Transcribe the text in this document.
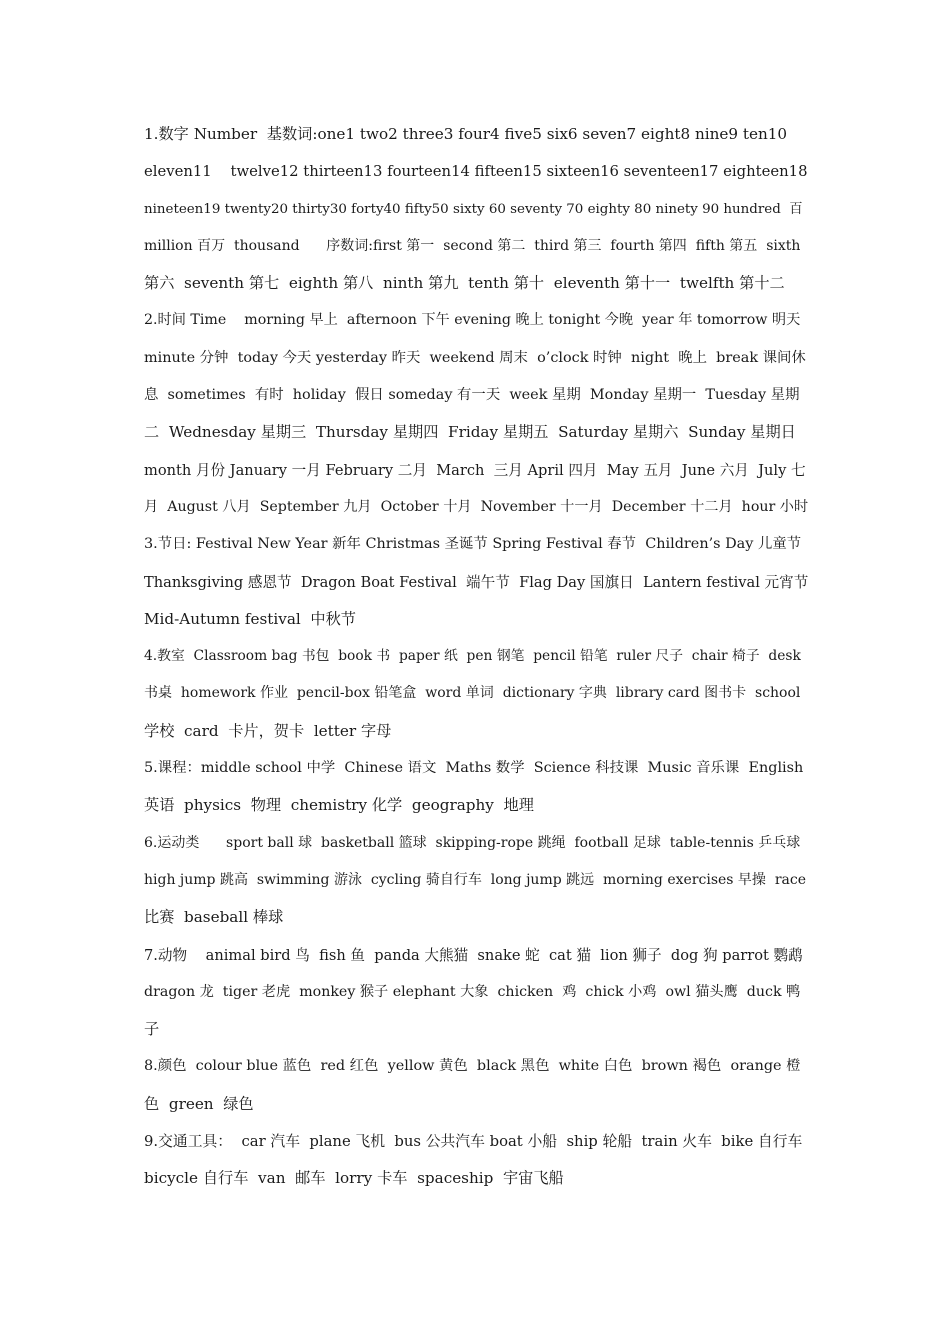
1.数字 Number  基数词:one1 two2 three3 four4 five5 six6 seven7 eight8 nine9 ten10
eleven11    twelve12 thirteen13 fourteen14 fifteen15 sixteen16 seventeen17 eighteen18
nineteen19 twenty20 thirty30 forty40 fifty50 sixty 60 seventy 70 eighty 80 ninety 90 hundred  百
million 百万  thousand      序数词:first 第一  second 第二  third 第三  fourth 第四  fifth 第五  sixth
第六  seventh 第七  eighth 第八  ninth 第九  tenth 第十  eleventh 第十一  twelfth 第十二
2.时间 Time    morning 早上  afternoon 下午 evening 晚上 tonight 今晚  year 年 tomorrow 明天
minute 分钟  today 今天 yesterday 昨天  weekend 周末  o’clock 时钟  night  晚上  break 课间休
息  sometimes  有时  holiday  假日 someday 有一天  week 星期  Monday 星期一  Tuesday 星期
二  Wednesday 星期三  Thursday 星期四  Friday 星期五  Saturday 星期六  Sunday 星期日
month 月份 January 一月 February 二月  March  三月 April 四月  May 五月  June 六月  July 七
月  August 八月  September 九月  October 十月  November 十一月  December 十二月  hour 小时
3.节日: Festival New Year 新年 Christmas 圣诞节 Spring Festival 春节  Children’s Day 儿童节
Thanksgiving 感恩节  Dragon Boat Festival  端午节  Flag Day 国旗日  Lantern festival 元宵节
Mid-Autumn festival  中秋节
4.教室  Classroom bag 书包  book 书  paper 纸  pen 钢笔  pencil 铅笔  ruler 尺子  chair 椅子  desk
书桌  homework 作业  pencil-box 铅笔盒  word 单词  dictionary 字典  library card 图书卡  school
学校  card  卡片，贺卡  letter 字母
5.课程：middle school 中学  Chinese 语文  Maths 数学  Science 科技课  Music 音乐课  English
英语  physics  物理  chemistry 化学  geography  地理
6.运动类      sport ball 球  basketball 篮球  skipping-rope 跳绳  football 足球  table-tennis 乒乓球
high jump 跳高  swimming 游泳  cycling 骑自行车  long jump 跳远  morning exercises 早操  race
比赛  baseball 棒球
7.动物    animal bird 鸟  fish 鱼  panda 大熊猫  snake 蛇  cat 猫  lion 狮子  dog 狗 parrot 鹦鹉
dragon 龙  tiger 老虎  monkey 猴子 elephant 大象  chicken  鸡  chick 小鸡  owl 猫头鹰  duck 鸭
子
8.颜色  colour blue 蓝色  red 红色  yellow 黄色  black 黑色  white 白色  brown 褐色  orange 橙
色  green  绿色
9.交通工具：  car 汽车  plane 飞机  bus 公共汽车 boat 小船  ship 轮船  train 火车  bike 自行车
bicycle 自行车  van  邮车  lorry 卡车  spaceship  宇宙飞船
